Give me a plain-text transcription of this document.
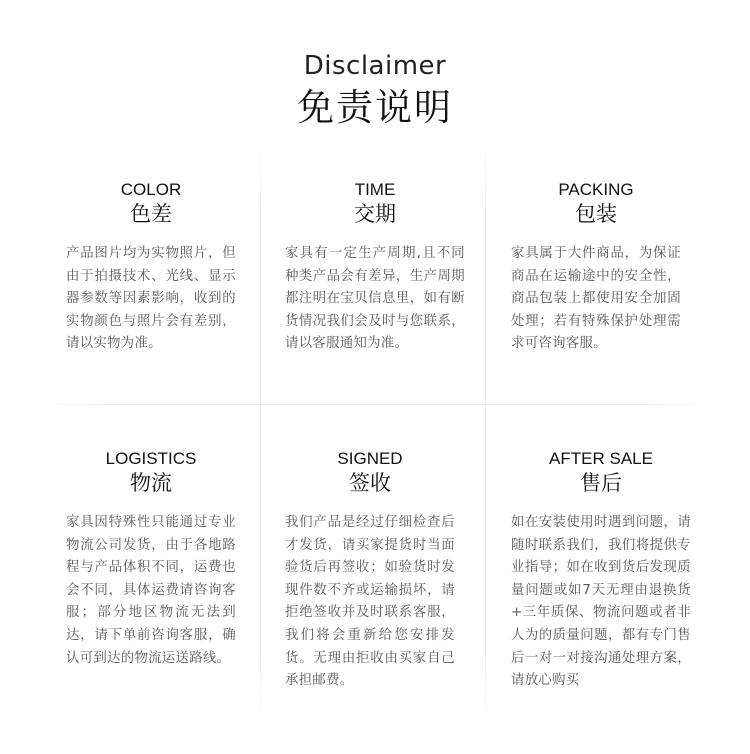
Disclaimer
免责说明
COLOR
色差
产品图片均为实物照片，但由于拍摄技术、光线、显示器参数等因素影响，收到的实物颜色与照片会有差别，请以实物为准。
TIME
交期
家具有一定生产周期,且不同种类产品会有差异，生产周期都注明在宝贝信息里，如有断货情况我们会及时与您联系，请以客服通知为准。
PACKING
包装
家具属于大件商品，为保证商品在运输途中的安全性，商品包装上都使用安全加固处理；若有特殊保护处理需求可咨询客服。
LOGISTICS
物流
家具因特殊性只能通过专业物流公司发货，由于各地路程与产品体积不同，运费也会不同，具体运费请咨询客服；部分地区物流无法到达，请下单前咨询客服，确认可到达的物流运送路线。
SIGNED
签收
我们产品是经过仔细检查后才发货，请买家提货时当面验货后再签收；如验货时发现件数不齐或运输损坏，请拒绝签收并及时联系客服，我们将会重新给您安排发货。无理由拒收由买家自己承担邮费。
AFTER SALE
售后
如在安装使用时遇到问题，请随时联系我们，我们将提供专业指导；如在收到货后发现质量问题或如7天无理由退换货+三年质保、物流问题或者非人为的质量问题，都有专门售后一对一对接沟通处理方案，请放心购买
